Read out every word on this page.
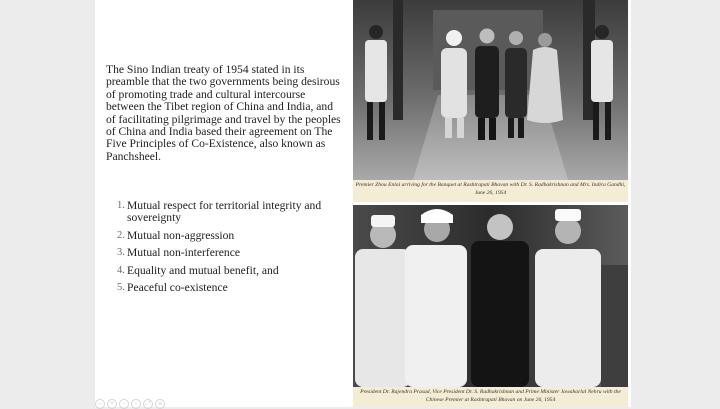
The Sino Indian treaty of 1954 stated in its preamble that the two governments being desirous of promoting trade and cultural intercourse between the Tibet region of China and India, and of facilitating pilgrimage and travel by the peoples of China and India based their agreement on The Five Principles of Co-Existence, also known as Panchsheel.

1. Mutual respect for territorial integrity and sovereignty
2. Mutual non-aggression
3. Mutual non-interference
4. Equality and mutual benefit, and
5. Peaceful co-existence
Premier Zhou Enlai arriving for the Banquet at Rashtrapati Bhavan with Dr. S. Radhakrishnan and Mrs. Indira Gandhi, June 26, 1954
President Dr. Rajendra Prasad, Vice President Dr. S. Radhakrishnan and Prime Minister Jawaharlal Nehru with the Chinese Premier at Rashtrapati Bhavan on June 26, 1954
−	+	‹	›	⤢	≡
